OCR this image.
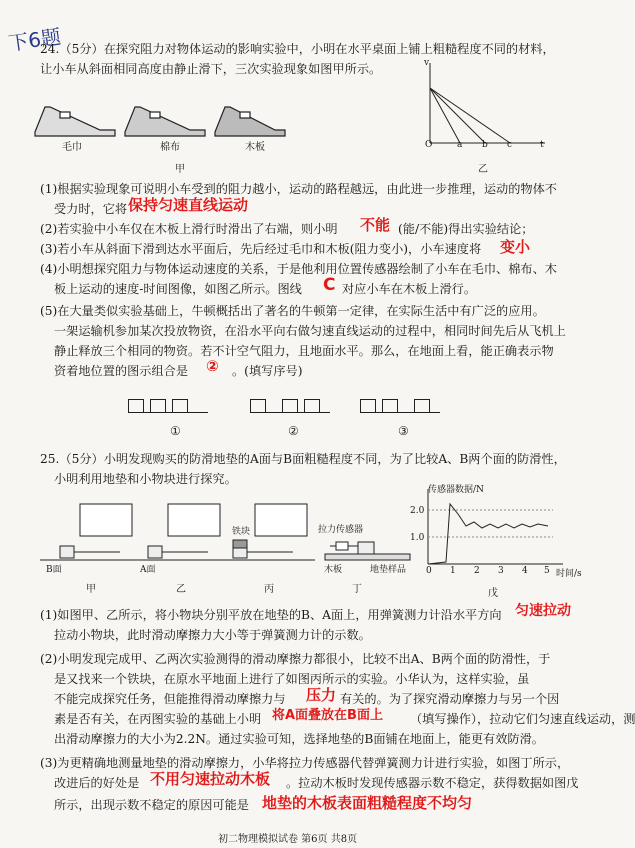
下6题
24.（5分）在探究阻力对物体运动的影响实验中，小明在水平桌面上铺上粗糙程度不同的材料，
让小车从斜面相同高度由静止滑下，三次实验现象如图甲所示。
毛巾	棉布	木板
甲
v
t
O	a b c
乙
(1)根据实验现象可说明小车受到的阻力越小，运动的路程越远，由此进一步推理，运动的物体不
受力时，它将 保持匀速直线运动
(2)若实验中小车仅在木板上滑行时滑出了右端，则小明 不能 (能/不能)得出实验结论；
(3)若小车从斜面下滑到达水平面后，先后经过毛巾和木板(阻力变小)，小车速度将 变小
(4)小明想探究阻力与物体运动速度的关系，于是他利用位置传感器绘制了小车在毛巾、棉布、木
板上运动的速度-时间图像，如图乙所示。图线 C 对应小车在木板上滑行。
(5)在大量类似实验基础上，牛顿概括出了著名的牛顿第一定律，在实际生活中有广泛的应用。
一架运输机参加某次投放物资，在沿水平向右做匀速直线运动的过程中，相同时间先后从飞机上
静止释放三个相同的物资。若不计空气阻力，且地面水平。那么，在地面上看，能正确表示物
资着地位置的图示组合是 ② 。(填写序号)
①	②	③
25.（5分）小明发现购买的防滑地垫的A面与B面粗糙程度不同，为了比较A、B两个面的防滑性，
小明利用地垫和小物块进行探究。
B面	A面
铁块	拉力传感器
木板	地垫样品
甲	乙	丙	丁
传感器数据/N
2.0
1.0
0 1 2 3 4 5 时间/s
戊
(1)如图甲、乙所示，将小物块分别平放在地垫的B、A面上，用弹簧测力计沿水平方向 匀速拉动
拉动小物块，此时滑动摩擦力大小等于弹簧测力计的示数。
(2)小明发现完成甲、乙两次实验测得的滑动摩擦力都很小，比较不出A、B两个面的防滑性，于
是又找来一个铁块，在原水平地面上进行了如图丙所示的实验。小华认为，这样实验，虽
不能完成探究任务，但能推得滑动摩擦力与 压力 有关的。为了探究滑动摩擦力与另一个因
素是否有关，在丙图实验的基础上小明 将A面叠放在B面上 （填写操作），拉动它们匀速直线运动，测
出滑动摩擦力的大小为2.2N。通过实验可知，选择地垫的B面铺在地面上，能更有效防滑。
(3)为更精确地测量地垫的滑动摩擦力，小华将拉力传感器代替弹簧测力计进行实验，如图丁所示，
改进后的好处是 不用匀速拉动木板 。拉动木板时发现传感器示数不稳定，获得数据如图戊
所示，出现示数不稳定的原因可能是 地垫的木板表面粗糙程度不均匀
初二物理模拟试卷 第6页 共8页
